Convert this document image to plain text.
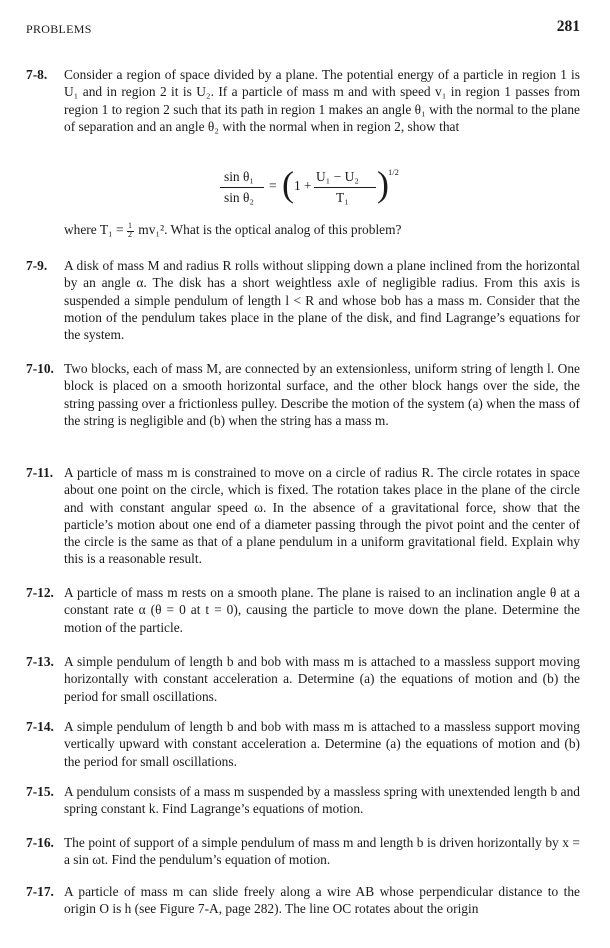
PROBLEMS	281
7-8. Consider a region of space divided by a plane. The potential energy of a particle in region 1 is U₁ and in region 2 it is U₂. If a particle of mass m and with speed v₁ in region 1 passes from region 1 to region 2 such that its path in region 1 makes an angle θ₁ with the normal to the plane of separation and an angle θ₂ with the normal when in region 2, show that
sin θ₁
sin θ₂
= ( 1 +
U₁ − U₂
T₁ ) 1/2
where $T_1 = \frac{1}{2} mv_1^2$. What is the optical analog of this problem?
7-9. A disk of mass M and radius R rolls without slipping down a plane inclined from the horizontal by an angle α. The disk has a short weightless axle of negligible radius. From this axis is suspended a simple pendulum of length l < R and whose bob has a mass m. Consider that the motion of the pendulum takes place in the plane of the disk, and find Lagrange’s equations for the system.
7-10. Two blocks, each of mass M, are connected by an extensionless, uniform string of length l. One block is placed on a smooth horizontal surface, and the other block hangs over the side, the string passing over a frictionless pulley. Describe the motion of the system (a) when the mass of the string is negligible and (b) when the string has a mass m.
7-11. A particle of mass m is constrained to move on a circle of radius R. The circle rotates in space about one point on the circle, which is fixed. The rotation takes place in the plane of the circle and with constant angular speed ω. In the absence of a gravitational force, show that the particle’s motion about one end of a diameter passing through the pivot point and the center of the circle is the same as that of a plane pendulum in a uniform gravitational field. Explain why this is a reasonable result.
7-12. A particle of mass m rests on a smooth plane. The plane is raised to an inclination angle θ at a constant rate α (θ = 0 at t = 0), causing the particle to move down the plane. Determine the motion of the particle.
7-13. A simple pendulum of length b and bob with mass m is attached to a massless support moving horizontally with constant acceleration a. Determine (a) the equations of motion and (b) the period for small oscillations.
7-14. A simple pendulum of length b and bob with mass m is attached to a massless support moving vertically upward with constant acceleration a. Determine (a) the equations of motion and (b) the period for small oscillations.
7-15. A pendulum consists of a mass m suspended by a massless spring with unextended length b and spring constant k. Find Lagrange’s equations of motion.
7-16. The point of support of a simple pendulum of mass m and length b is driven horizontally by x = a sin ωt. Find the pendulum’s equation of motion.
7-17. A particle of mass m can slide freely along a wire AB whose perpendicular distance to the origin O is h (see Figure 7-A, page 282). The line OC rotates about the origin
